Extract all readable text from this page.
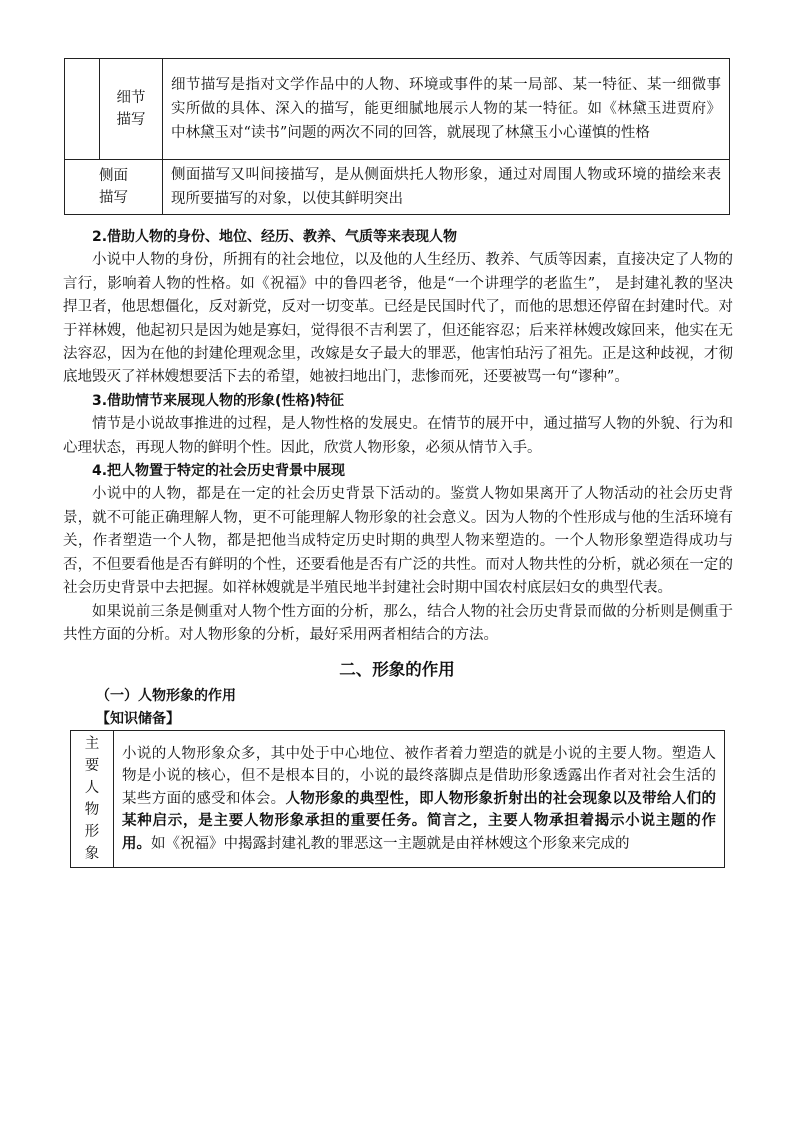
	细节
描写	细节描写是指对文学作品中的人物、环境或事件的某一局部、某一特征、某一细微事实所做的具体、深入的描写，能更细腻地展示人物的某一特征。如《林黛玉进贾府》中林黛玉对“读书”问题的两次不同的回答，就展现了林黛玉小心谨慎的性格

侧面
描写		侧面描写又叫间接描写，是从侧面烘托人物形象，通过对周围人物或环境的描绘来表现所要描写的对象，以使其鲜明突出

2.借助人物的身份、地位、经历、教养、气质等来表现人物

小说中人物的身份，所拥有的社会地位，以及他的人生经历、教养、气质等因素，直接决定了人物的言行，影响着人物的性格。如《祝福》中的鲁四老爷，他是“一个讲理学的老监生”， 是封建礼教的坚决捍卫者，他思想僵化，反对新党，反对一切变革。已经是民国时代了，而他的思想还停留在封建时代。对于祥林嫂，他起初只是因为她是寡妇，觉得很不吉利罢了，但还能容忍；后来祥林嫂改嫁回来，他实在无法容忍，因为在他的封建伦理观念里，改嫁是女子最大的罪恶，他害怕玷污了祖先。正是这种歧视，才彻底地毁灭了祥林嫂想要活下去的希望，她被扫地出门，悲惨而死，还要被骂一句“谬种”。

3.借助情节来展现人物的形象(性格)特征

情节是小说故事推进的过程，是人物性格的发展史。在情节的展开中，通过描写人物的外貌、行为和心理状态，再现人物的鲜明个性。因此，欣赏人物形象，必须从情节入手。

4.把人物置于特定的社会历史背景中展现

小说中的人物，都是在一定的社会历史背景下活动的。鉴赏人物如果离开了人物活动的社会历史背景，就不可能正确理解人物，更不可能理解人物形象的社会意义。因为人物的个性形成与他的生活环境有关，作者塑造一个人物，都是把他当成特定历史时期的典型人物来塑造的。一个人物形象塑造得成功与否，不但要看他是否有鲜明的个性，还要看他是否有广泛的共性。而对人物共性的分析，就必须在一定的社会历史背景中去把握。如祥林嫂就是半殖民地半封建社会时期中国农村底层妇女的典型代表。

如果说前三条是侧重对人物个性方面的分析，那么，结合人物的社会历史背景而做的分析则是侧重于共性方面的分析。对人物形象的分析，最好采用两者相结合的方法。

二、形象的作用

（一）人物形象的作用

【知识储备】

主
要
人
物
形
象
	小说的人物形象众多，其中处于中心地位、被作者着力塑造的就是小说的主要人物。塑造人物是小说的核心，但不是根本目的，小说的最终落脚点是借助形象透露出作者对社会生活的某些方面的感受和体会。人物形象的典型性，即人物形象折射出的社会现象以及带给人们的某种启示，是主要人物形象承担的重要任务。简言之，主要人物承担着揭示小说主题的作用。如《祝福》中揭露封建礼教的罪恶这一主题就是由祥林嫂这个形象来完成的
